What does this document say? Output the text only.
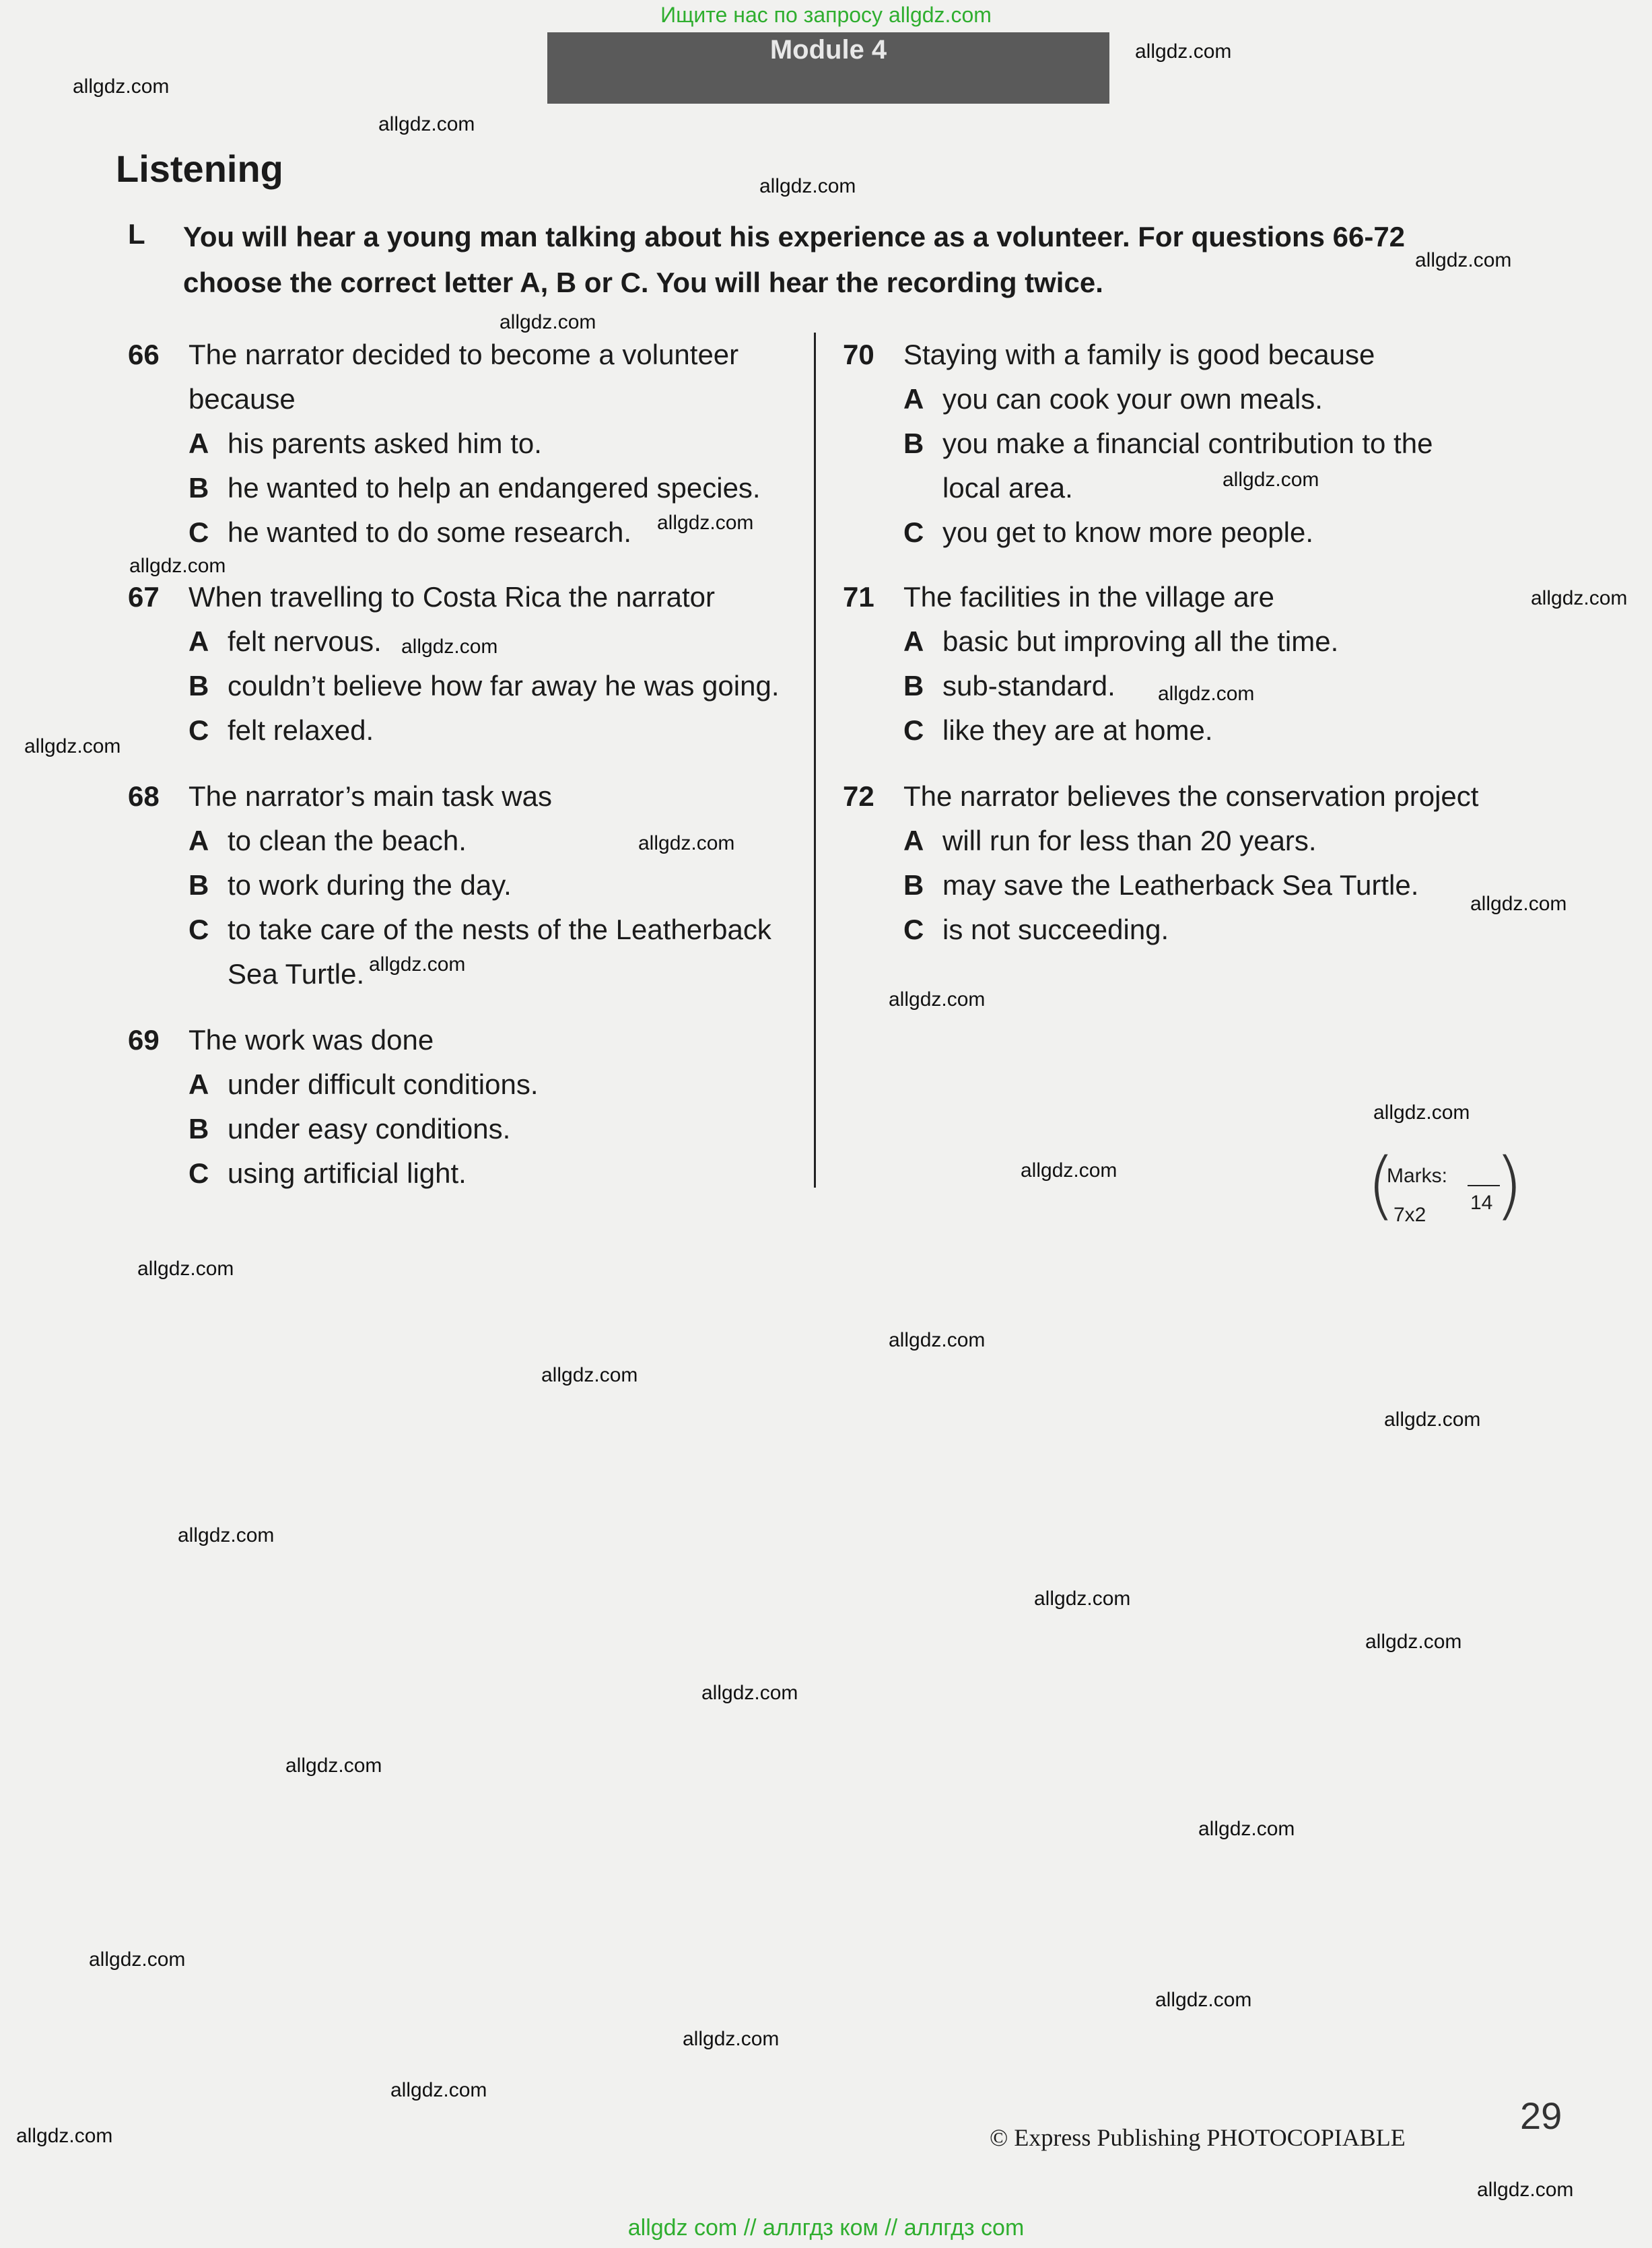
Ищите нас по запросу allgdz.com
Module 4
Listening
L You will hear a young man talking about his experience as a volunteer. For questions 66-72 choose the correct letter A, B or C. You will hear the recording twice.
66 The narrator decided to become a volunteer
because
A his parents asked him to.
B he wanted to help an endangered species.
C he wanted to do some research.
67 When travelling to Costa Rica the narrator
A felt nervous.
B couldn’t believe how far away he was going.
C felt relaxed.
68 The narrator’s main task was
A to clean the beach.
B to work during the day.
C to take care of the nests of the Leatherback
Sea Turtle.
69 The work was done
A under difficult conditions.
B under easy conditions.
C using artificial light.
70 Staying with a family is good because
A you can cook your own meals.
B you make a financial contribution to the
local area.
C you get to know more people.
71 The facilities in the village are
A basic but improving all the time.
B sub-standard.
C like they are at home.
72 The narrator believes the conservation project
A will run for less than 20 years.
B may save the Leatherback Sea Turtle.
C is not succeeding.
(
Marks:
14
7x2 )
© Express Publishing PHOTOCOPIABLE
29
allgdz.com
allgdz.com
allgdz.com
allgdz.com
allgdz.com
allgdz.com
allgdz.com
allgdz.com
allgdz.com
allgdz.com
allgdz.com
allgdz.com
allgdz.com
allgdz.com
allgdz.com
allgdz.com
allgdz.com
allgdz.com
allgdz.com
allgdz.com
allgdz.com
allgdz.com
allgdz.com
allgdz.com
allgdz.com
allgdz.com
allgdz.com
allgdz.com
allgdz.com
allgdz.com
allgdz.com
allgdz.com
allgdz.com
allgdz.com
allgdz.com
allgdz com // аллгдз ком // аллгдз com
